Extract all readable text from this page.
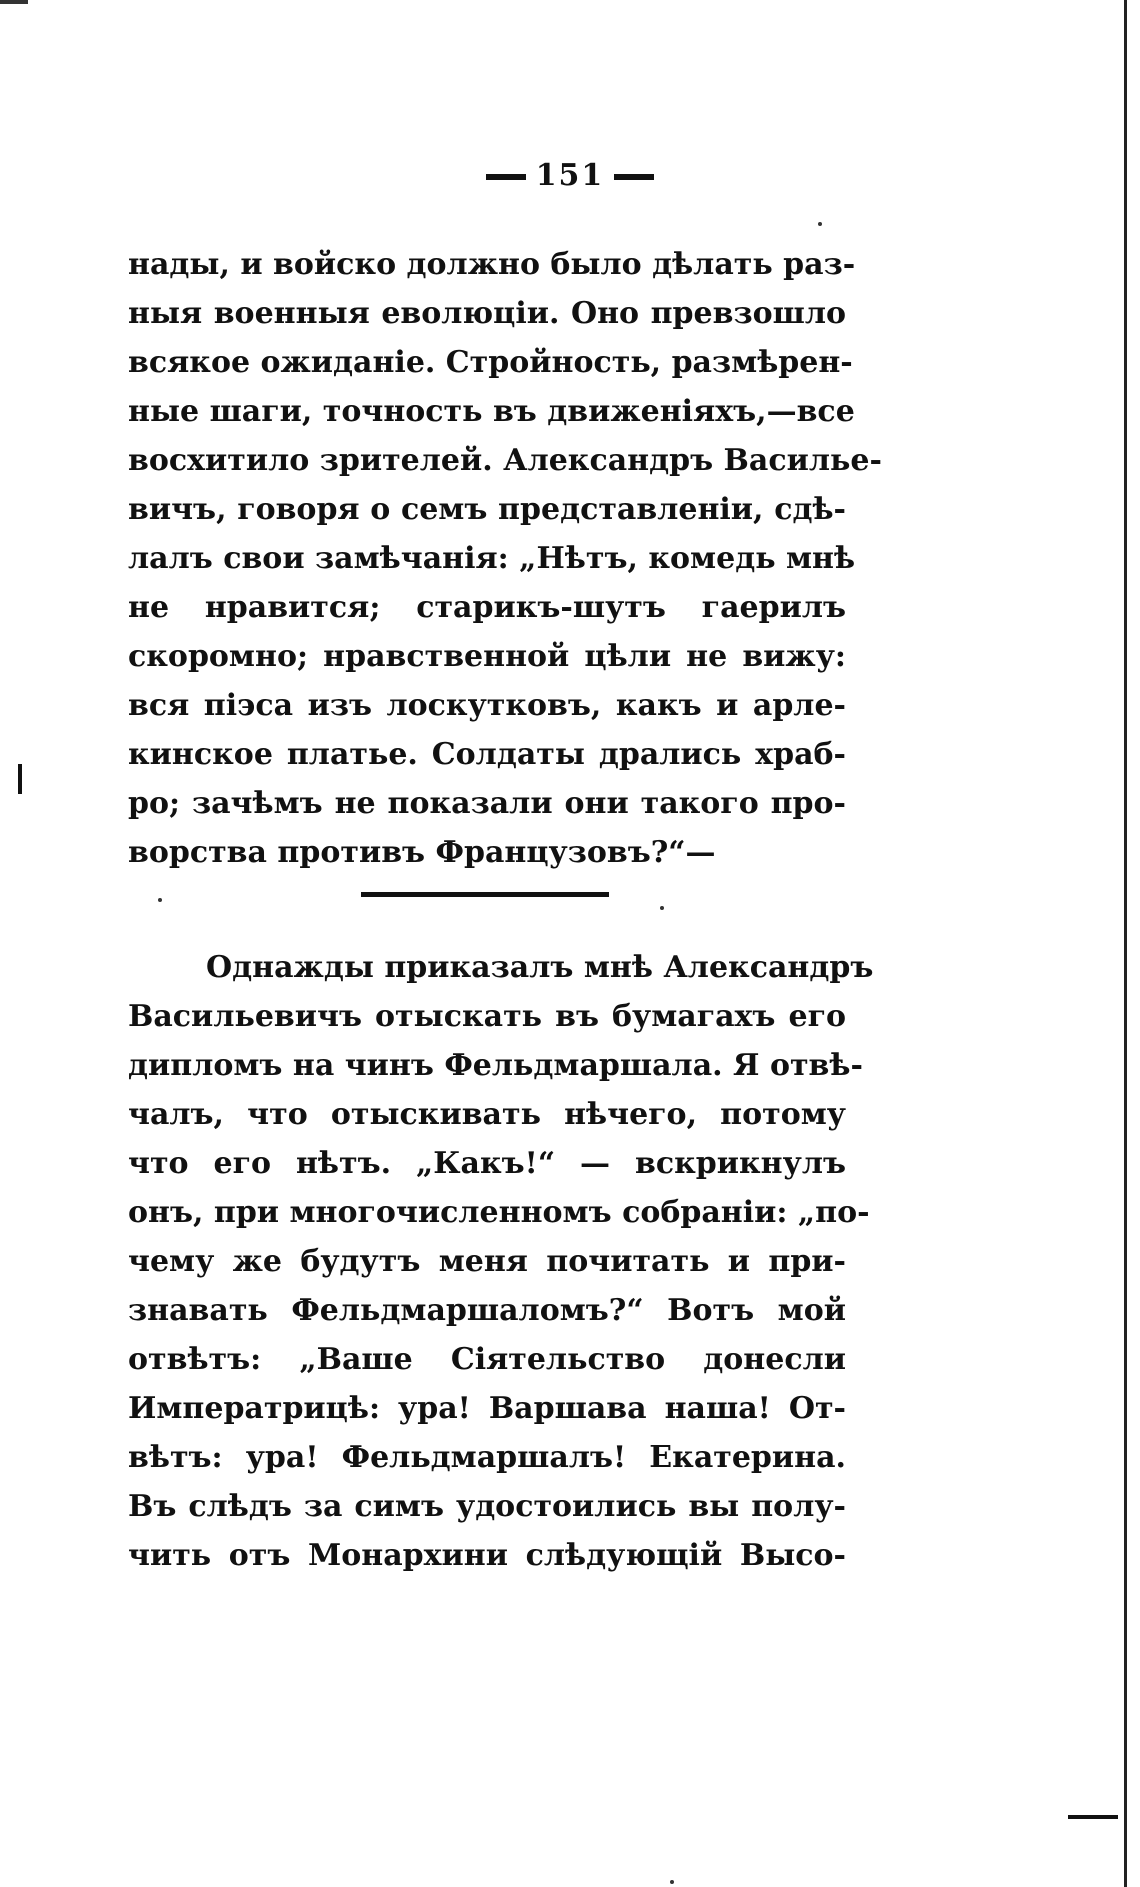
151
нады, и войско должно было дѣлать раз-
ныя военныя еволюціи. Оно превзошло
всякое ожиданіе. Стройность, размѣрен-
ные шаги, точность въ движеніяхъ,—все
восхитило зрителей. Александръ Василье-
вичъ, говоря о семъ представленіи, сдѣ-
лалъ свои замѣчанія: „Нѣтъ, комедь мнѣ
не нравится; старикъ-шутъ гаерилъ
скоромно; нравственной цѣли не вижу:
вся піэса изъ лоскутковъ, какъ и арле-
кинское платье. Солдаты дрались храб-
ро; зачѣмъ не показали они такого про-
ворства противъ Французовъ?“—
Однажды приказалъ мнѣ Александръ
Васильевичъ отыскать въ бумагахъ его
дипломъ на чинъ Фельдмаршала. Я отвѣ-
чалъ, что отыскивать нѣчего, потому
что его нѣтъ. „Какъ!“ — вскрикнулъ
онъ, при многочисленномъ собраніи: „по-
чему же будутъ меня почитать и при-
знавать Фельдмаршаломъ?“ Вотъ мой
отвѣтъ: „Ваше Сіятельство донесли
Императрицѣ: ура! Варшава наша! От-
вѣтъ: ура! Фельдмаршалъ! Екатерина.
Въ слѣдъ за симъ удостоились вы полу-
чить отъ Монархини слѣдующій Высо-
